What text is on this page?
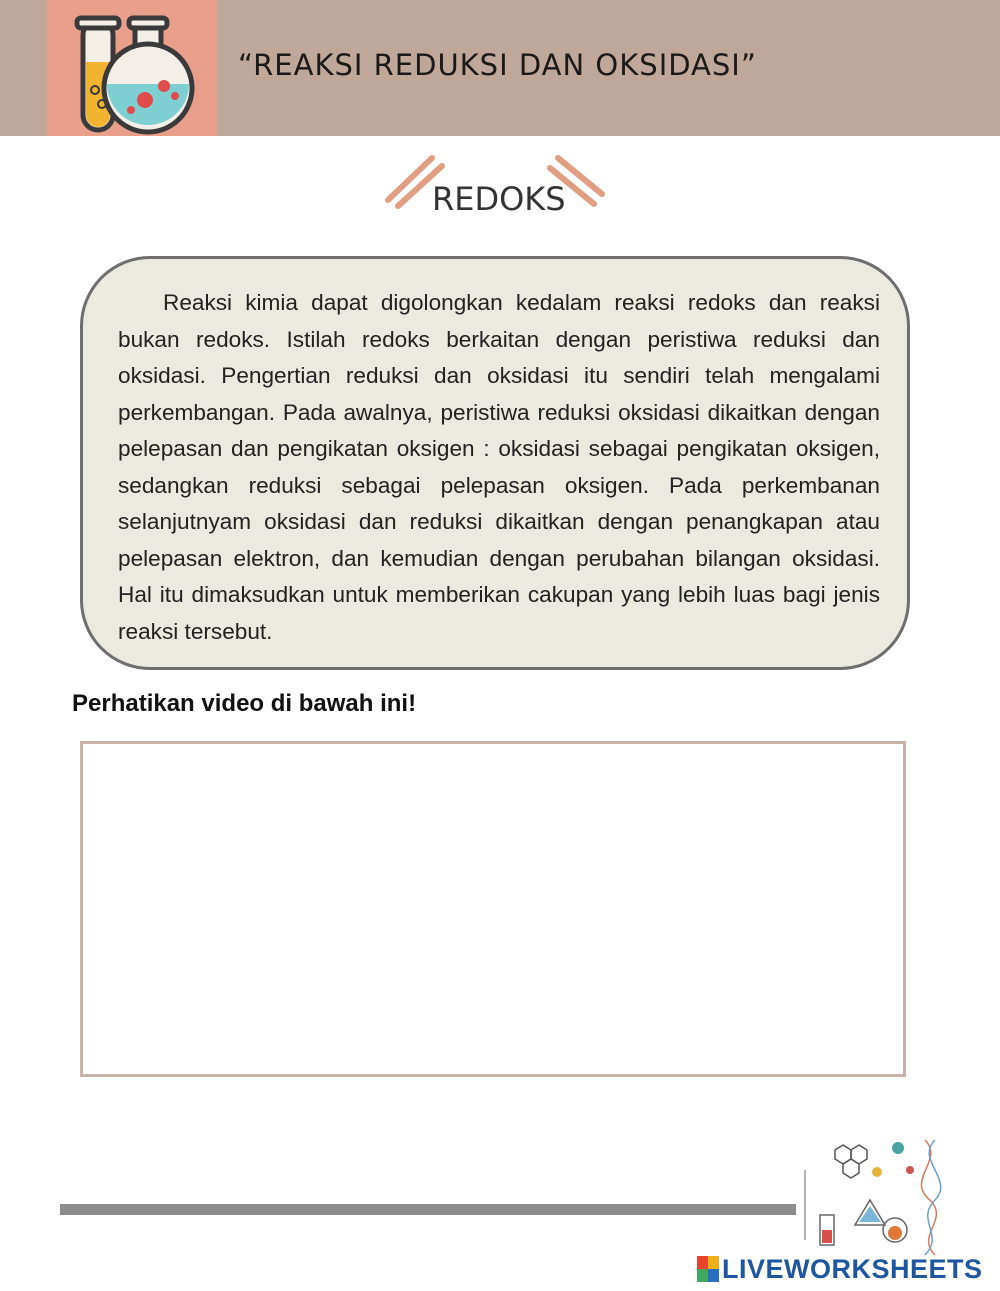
“REAKSI REDUKSI DAN OKSIDASI”
REDOKS
Reaksi kimia dapat digolongkan kedalam reaksi redoks dan reaksi bukan redoks. Istilah redoks berkaitan dengan peristiwa reduksi dan oksidasi. Pengertian reduksi dan oksidasi itu sendiri telah mengalami perkembangan. Pada awalnya, peristiwa reduksi oksidasi dikaitkan dengan pelepasan dan pengikatan oksigen : oksidasi sebagai pengikatan oksigen, sedangkan reduksi sebagai pelepasan oksigen. Pada perkembanan selanjutnyam oksidasi dan reduksi dikaitkan dengan penangkapan atau pelepasan elektron, dan kemudian dengan perubahan bilangan oksidasi. Hal itu dimaksudkan untuk memberikan cakupan yang lebih luas bagi jenis reaksi tersebut.
Perhatikan video di bawah ini!
LIVEWORKSHEETS
